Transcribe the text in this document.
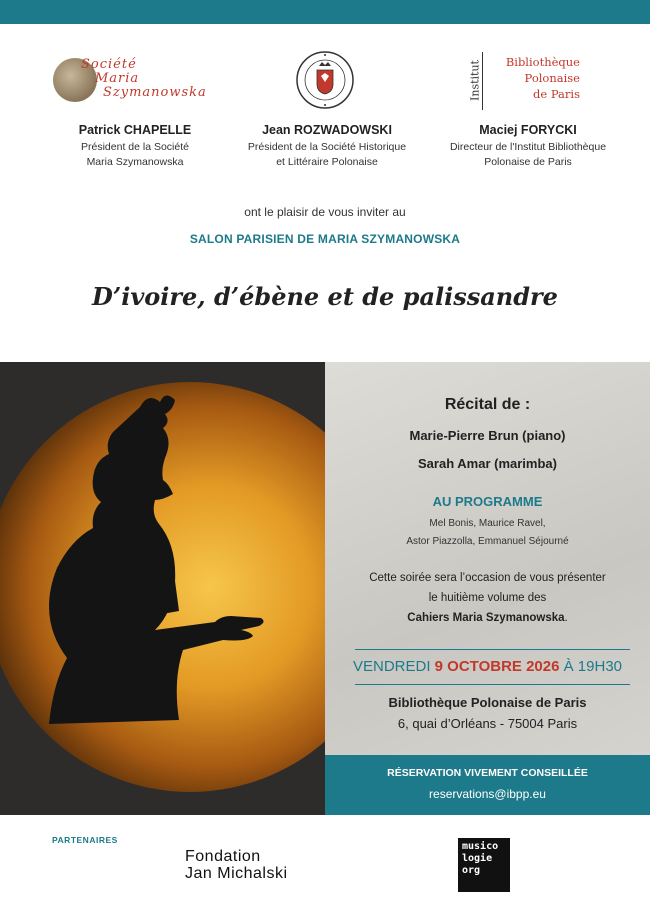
Société
Maria
Szymanowska
Patrick CHAPELLE
Président de la Société
Maria Szymanowska
Jean ROZWADOWSKI
Président de la Société Historique
et Littéraire Polonaise
Institut	Bibliothèque
Polonaise
de Paris
Maciej FORYCKI
Directeur de l'Institut Bibliothèque
Polonaise de Paris
ont le plaisir de vous inviter au
SALON PARISIEN DE MARIA SZYMANOWSKA
D’ivoire, d’ébène et de palissandre
Récital de :
Marie-Pierre Brun (piano)
Sarah Amar (marimba)
AU PROGRAMME
Mel Bonis, Maurice Ravel,
Astor Piazzolla, Emmanuel Séjourné
Cette soirée sera l’occasion de vous présenter
le huitième volume des
Cahiers Maria Szymanowska.
VENDREDI 9 OCTOBRE 2026 À 19H30
Bibliothèque Polonaise de Paris
6, quai d’Orléans - 75004 Paris
RÉSERVATION VIVEMENT CONSEILLÉE
reservations@ibpp.eu
PARTENAIRES
Fondation
Jan Michalski
musico
logie
org
